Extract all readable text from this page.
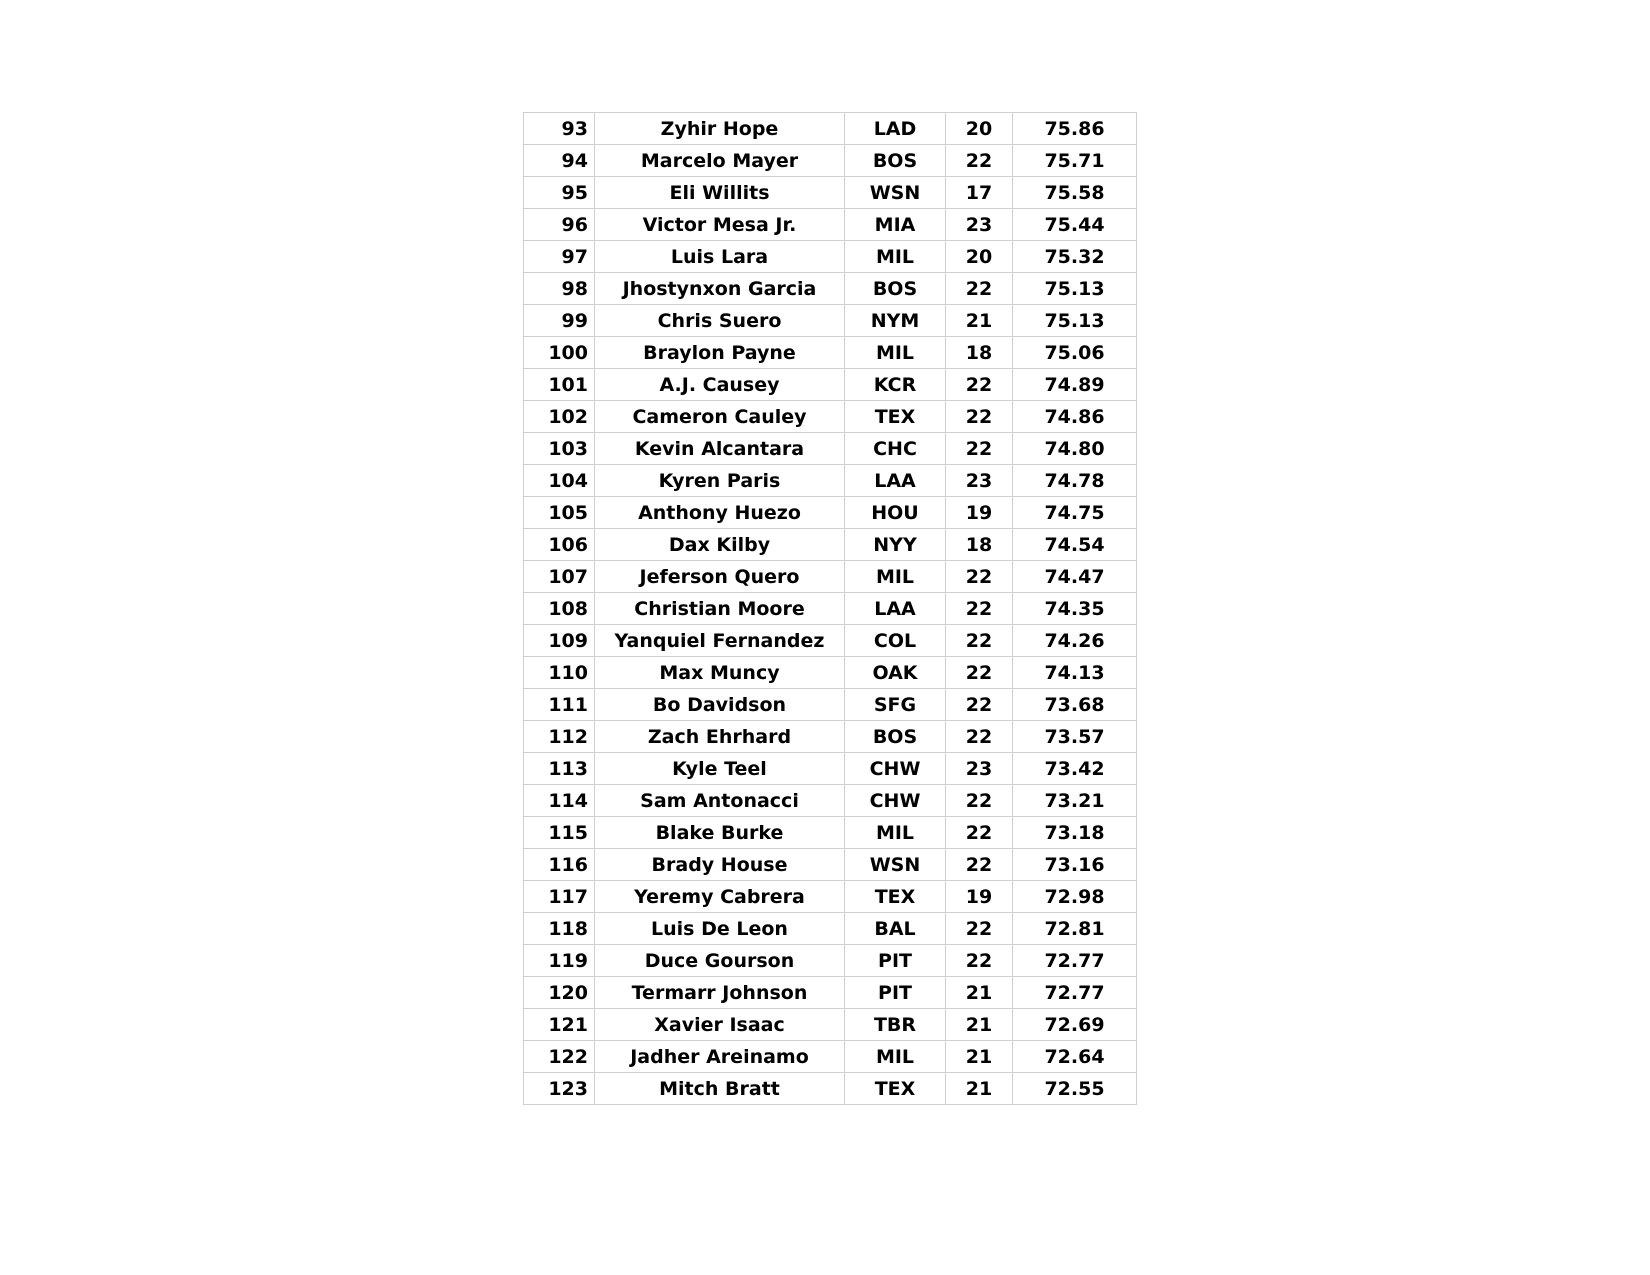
93	Zyhir Hope	LAD	20	75.86
94	Marcelo Mayer	BOS	22	75.71
95	Eli Willits	WSN	17	75.58
96	Victor Mesa Jr.	MIA	23	75.44
97	Luis Lara	MIL	20	75.32
98	Jhostynxon Garcia	BOS	22	75.13
99	Chris Suero	NYM	21	75.13
100	Braylon Payne	MIL	18	75.06
101	A.J. Causey	KCR	22	74.89
102	Cameron Cauley	TEX	22	74.86
103	Kevin Alcantara	CHC	22	74.80
104	Kyren Paris	LAA	23	74.78
105	Anthony Huezo	HOU	19	74.75
106	Dax Kilby	NYY	18	74.54
107	Jeferson Quero	MIL	22	74.47
108	Christian Moore	LAA	22	74.35
109	Yanquiel Fernandez	COL	22	74.26
110	Max Muncy	OAK	22	74.13
111	Bo Davidson	SFG	22	73.68
112	Zach Ehrhard	BOS	22	73.57
113	Kyle Teel	CHW	23	73.42
114	Sam Antonacci	CHW	22	73.21
115	Blake Burke	MIL	22	73.18
116	Brady House	WSN	22	73.16
117	Yeremy Cabrera	TEX	19	72.98
118	Luis De Leon	BAL	22	72.81
119	Duce Gourson	PIT	22	72.77
120	Termarr Johnson	PIT	21	72.77
121	Xavier Isaac	TBR	21	72.69
122	Jadher Areinamo	MIL	21	72.64
123	Mitch Bratt	TEX	21	72.55
